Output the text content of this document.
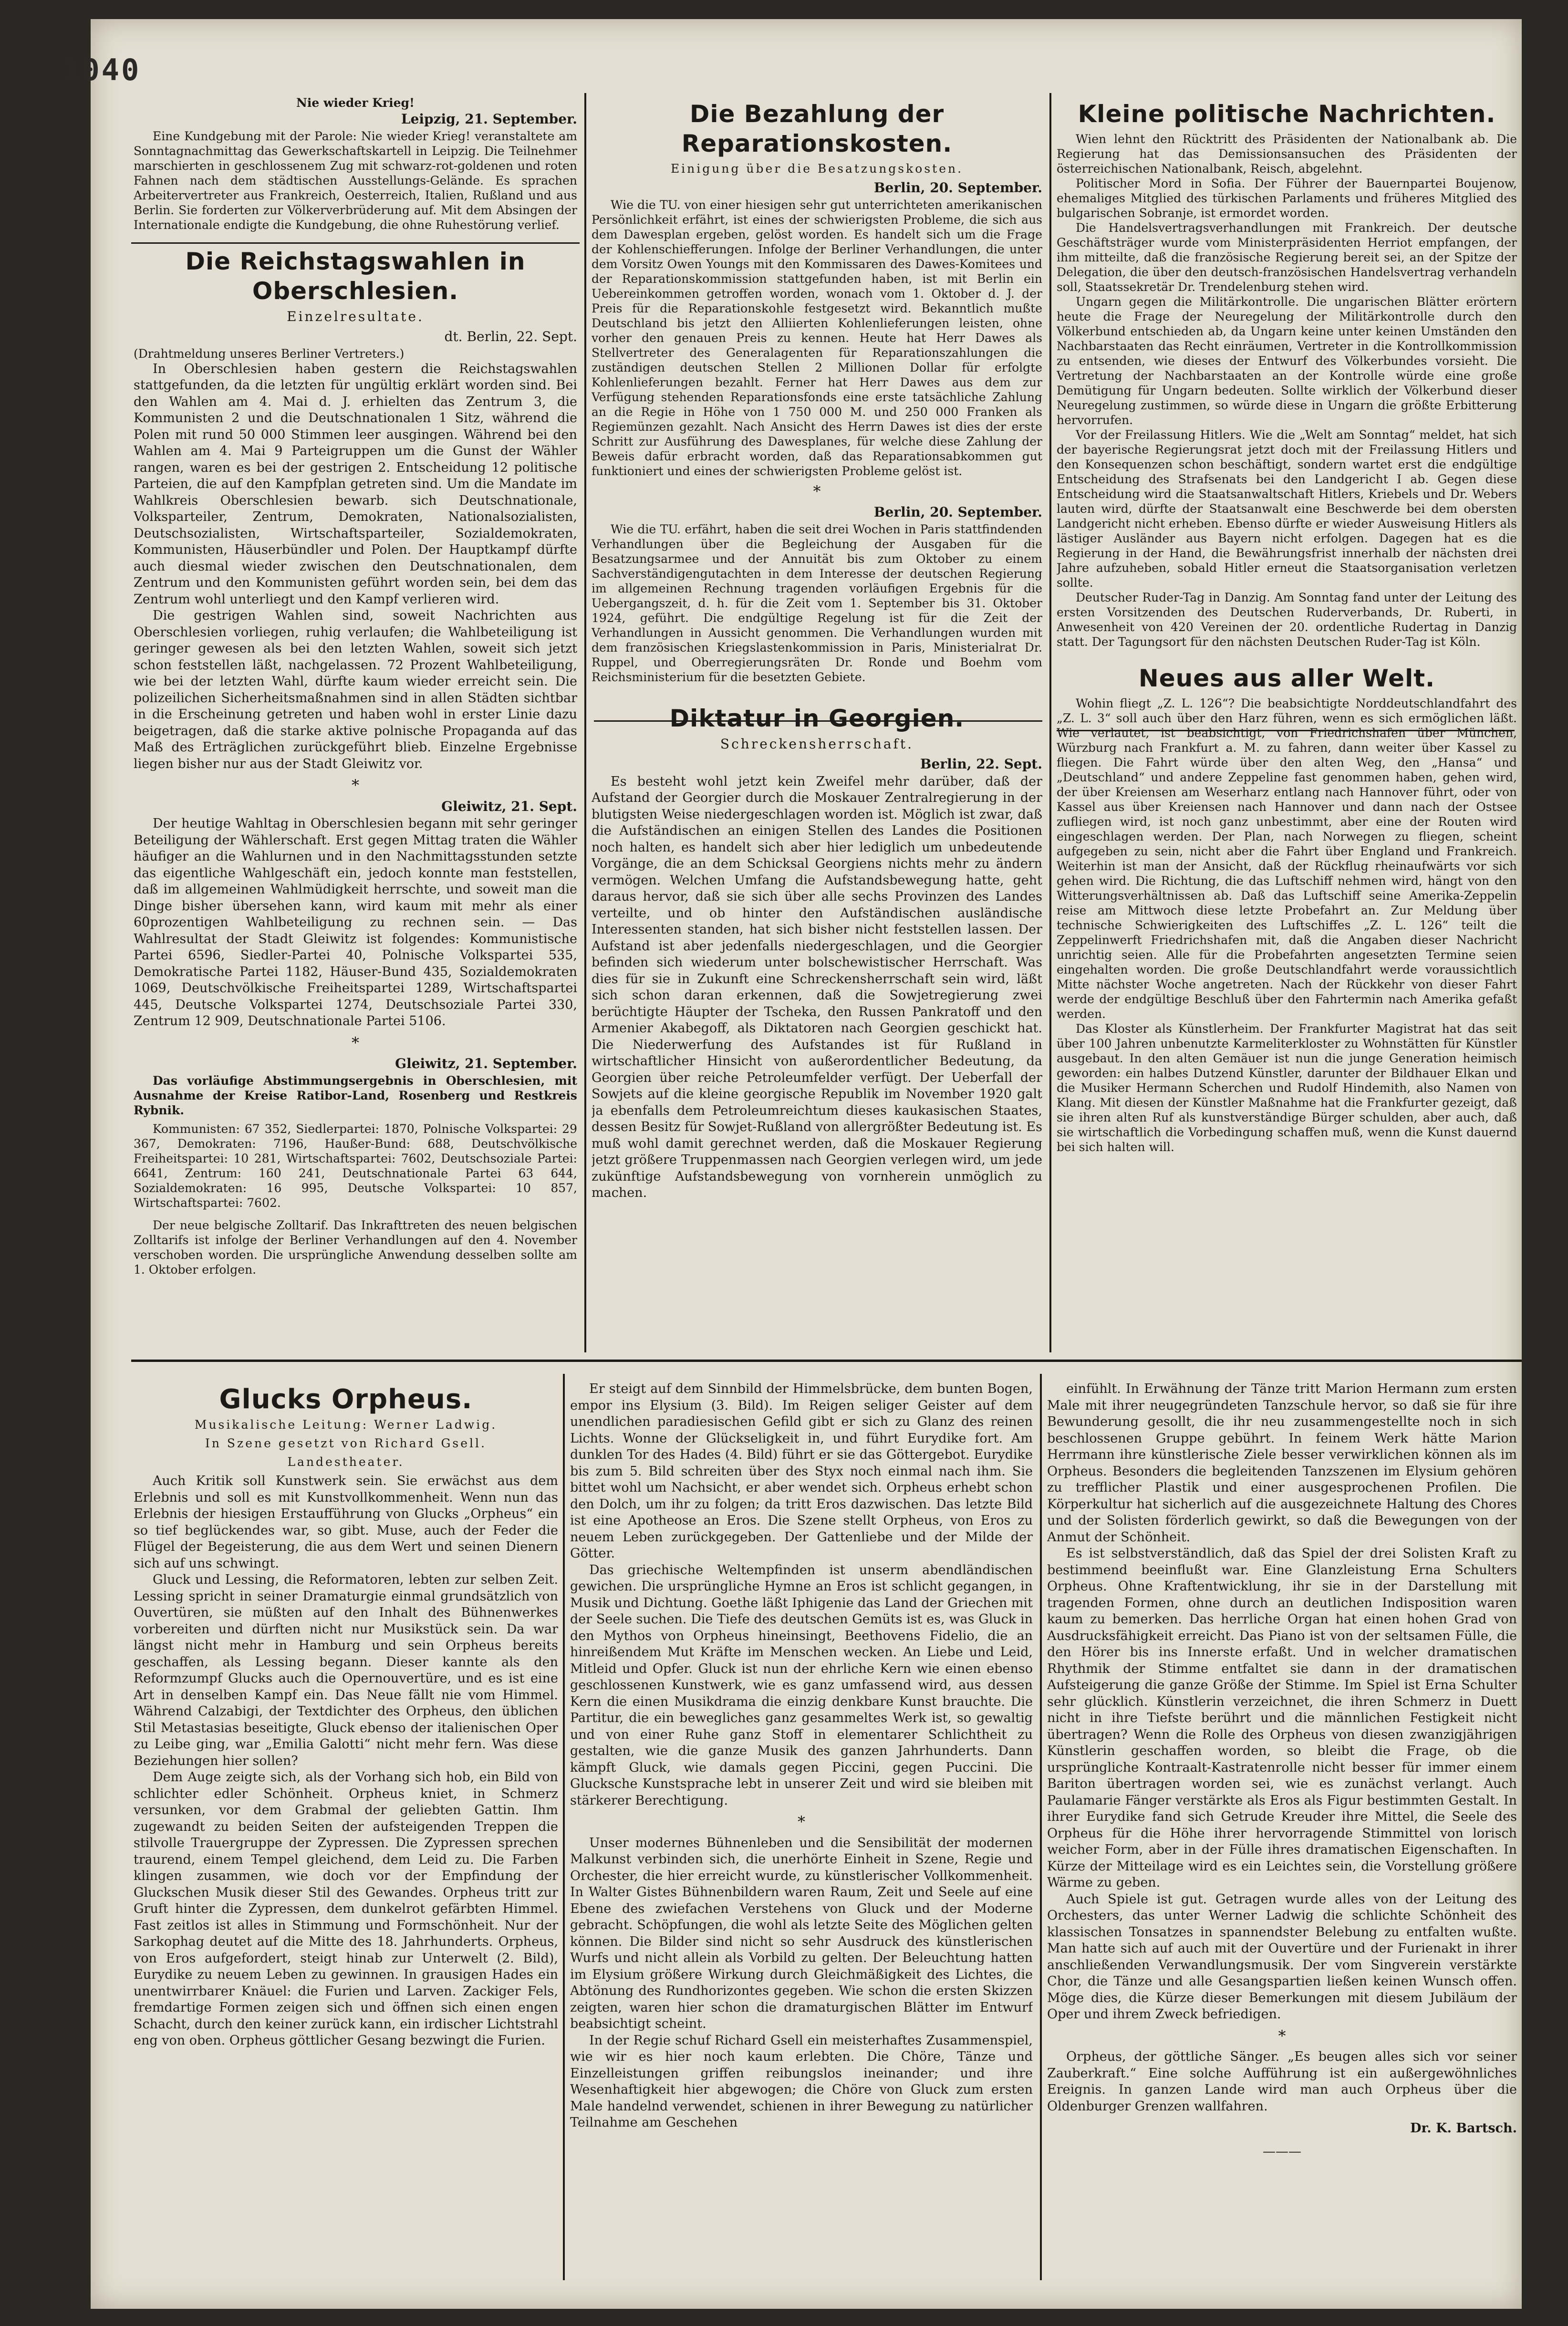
1040
Nie wieder Krieg!
Leipzig, 21. September.

Eine Kundgebung mit der Parole: Nie wieder Krieg! veranstaltete am Sonntagnachmittag das Gewerkschaftskartell in Leipzig. Die Teilnehmer marschierten in geschlossenem Zug mit schwarz-rot-goldenen und roten Fahnen nach dem städtischen Ausstellungs-Gelände. Es sprachen Arbeitervertreter aus Frankreich, Oesterreich, Italien, Rußland und aus Berlin. Sie forderten zur Völkerverbrüderung auf. Mit dem Absingen der Internationale endigte die Kundgebung, die ohne Ruhestörung verlief.

Die Reichstagswahlen in Oberschlesien.
Einzelresultate.
dt. Berlin, 22. Sept.
(Drahtmeldung unseres Berliner Vertreters.)

In Oberschlesien haben gestern die Reichstagswahlen stattgefunden, da die letzten für ungültig erklärt worden sind. Bei den Wahlen am 4. Mai d. J. erhielten das Zentrum 3, die Kommunisten 2 und die Deutschnationalen 1 Sitz, während die Polen mit rund 50 000 Stimmen leer ausgingen. Während bei den Wahlen am 4. Mai 9 Parteigruppen um die Gunst der Wähler rangen, waren es bei der gestrigen 2. Entscheidung 12 politische Parteien, die auf den Kampfplan getreten sind. Um die Mandate im Wahlkreis Oberschlesien bewarb. sich Deutschnationale, Volksparteiler, Zentrum, Demokraten, Nationalsozialisten, Deutschsozialisten, Wirtschaftsparteiler, Sozialdemokraten, Kommunisten, Häuserbündler und Polen. Der Hauptkampf dürfte auch diesmal wieder zwischen den Deutschnationalen, dem Zentrum und den Kommunisten geführt worden sein, bei dem das Zentrum wohl unterliegt und den Kampf verlieren wird.

Die gestrigen Wahlen sind, soweit Nachrichten aus Oberschlesien vorliegen, ruhig verlaufen; die Wahlbeteiligung ist geringer gewesen als bei den letzten Wahlen, soweit sich jetzt schon feststellen läßt, nachgelassen. 72 Prozent Wahlbeteiligung, wie bei der letzten Wahl, dürfte kaum wieder erreicht sein. Die polizeilichen Sicherheitsmaßnahmen sind in allen Städten sichtbar in die Erscheinung getreten und haben wohl in erster Linie dazu beigetragen, daß die starke aktive polnische Propaganda auf das Maß des Erträglichen zurückgeführt blieb. Einzelne Ergebnisse liegen bisher nur aus der Stadt Gleiwitz vor.

*
Gleiwitz, 21. Sept.

Der heutige Wahltag in Oberschlesien begann mit sehr geringer Beteiligung der Wählerschaft. Erst gegen Mittag traten die Wähler häufiger an die Wahlurnen und in den Nachmittagsstunden setzte das eigentliche Wahlgeschäft ein, jedoch konnte man feststellen, daß im allgemeinen Wahlmüdigkeit herrschte, und soweit man die Dinge bisher übersehen kann, wird kaum mit mehr als einer 60prozentigen Wahlbeteiligung zu rechnen sein. — Das Wahlresultat der Stadt Gleiwitz ist folgendes: Kommunistische Partei 6596, Siedler-Partei 40, Polnische Volkspartei 535, Demokratische Partei 1182, Häuser-Bund 435, Sozialdemokraten 1069, Deutschvölkische Freiheitspartei 1289, Wirtschaftspartei 445, Deutsche Volkspartei 1274, Deutschsoziale Partei 330, Zentrum 12 909, Deutschnationale Partei 5106.

*
Gleiwitz, 21. September.

Das vorläufige Abstimmungsergebnis in Oberschlesien, mit Ausnahme der Kreise Ratibor-Land, Rosenberg und Restkreis Rybnik.

Kommunisten: 67 352, Siedlerpartei: 1870, Polnische Volkspartei: 29 367, Demokraten: 7196, Haußer-Bund: 688, Deutschvölkische Freiheitspartei: 10 281, Wirtschaftspartei: 7602, Deutschsoziale Partei: 6641, Zentrum: 160 241, Deutschnationale Partei 63 644, Sozialdemokraten: 16 995, Deutsche Volkspartei: 10 857, Wirtschaftspartei: 7602.

Der neue belgische Zolltarif. Das Inkrafttreten des neuen belgischen Zolltarifs ist infolge der Berliner Verhandlungen auf den 4. November verschoben worden. Die ursprüngliche Anwendung desselben sollte am 1. Oktober erfolgen.

Die Bezahlung der Reparationskosten.
Einigung über die Besatzungskosten.
Berlin, 20. September.

Wie die TU. von einer hiesigen sehr gut unterrichteten amerikanischen Persönlichkeit erfährt, ist eines der schwierigsten Probleme, die sich aus dem Dawesplan ergeben, gelöst worden. Es handelt sich um die Frage der Kohlenschiefferungen. Infolge der Berliner Verhandlungen, die unter dem Vorsitz Owen Youngs mit den Kommissaren des Dawes-Komitees und der Reparationskommission stattgefunden haben, ist mit Berlin ein Uebereinkommen getroffen worden, wonach vom 1. Oktober d. J. der Preis für die Reparationskohle festgesetzt wird. Bekanntlich mußte Deutschland bis jetzt den Alliierten Kohlenlieferungen leisten, ohne vorher den genauen Preis zu kennen. Heute hat Herr Dawes als Stellvertreter des Generalagenten für Reparationszahlungen die zuständigen deutschen Stellen 2 Millionen Dollar für erfolgte Kohlenlieferungen bezahlt. Ferner hat Herr Dawes aus dem zur Verfügung stehenden Reparationsfonds eine erste tatsächliche Zahlung an die Regie in Höhe von 1 750 000 M. und 250 000 Franken als Regiemünzen gezahlt. Nach Ansicht des Herrn Dawes ist dies der erste Schritt zur Ausführung des Dawesplanes, für welche diese Zahlung der Beweis dafür erbracht worden, daß das Reparationsabkommen gut funktioniert und eines der schwierigsten Probleme gelöst ist.

*
Berlin, 20. September.

Wie die TU. erfährt, haben die seit drei Wochen in Paris stattfindenden Verhandlungen über die Begleichung der Ausgaben für die Besatzungsarmee und der Annuität bis zum Oktober zu einem Sachverständigengutachten in dem Interesse der deutschen Regierung im allgemeinen Rechnung tragenden vorläufigen Ergebnis für die Uebergangszeit, d. h. für die Zeit vom 1. September bis 31. Oktober 1924, geführt. Die endgültige Regelung ist für die Zeit der Verhandlungen in Aussicht genommen. Die Verhandlungen wurden mit dem französischen Kriegslastenkommission in Paris, Ministerialrat Dr. Ruppel, und Oberregierungsräten Dr. Ronde und Boehm vom Reichsministerium für die besetzten Gebiete.

Diktatur in Georgien.
Schreckensherrschaft.
Berlin, 22. Sept.

Es besteht wohl jetzt kein Zweifel mehr darüber, daß der Aufstand der Georgier durch die Moskauer Zentralregierung in der blutigsten Weise niedergeschlagen worden ist. Möglich ist zwar, daß die Aufständischen an einigen Stellen des Landes die Positionen noch halten, es handelt sich aber hier lediglich um unbedeutende Vorgänge, die an dem Schicksal Georgiens nichts mehr zu ändern vermögen. Welchen Umfang die Aufstandsbewegung hatte, geht daraus hervor, daß sie sich über alle sechs Provinzen des Landes verteilte, und ob hinter den Aufständischen ausländische Interessenten standen, hat sich bisher nicht feststellen lassen. Der Aufstand ist aber jedenfalls niedergeschlagen, und die Georgier befinden sich wiederum unter bolschewistischer Herrschaft. Was dies für sie in Zukunft eine Schreckensherrschaft sein wird, läßt sich schon daran erkennen, daß die Sowjetregierung zwei berüchtigte Häupter der Tscheka, den Russen Pankratoff und den Armenier Akabegoff, als Diktatoren nach Georgien geschickt hat. Die Niederwerfung des Aufstandes ist für Rußland in wirtschaftlicher Hinsicht von außerordentlicher Bedeutung, da Georgien über reiche Petroleumfelder verfügt. Der Ueberfall der Sowjets auf die kleine georgische Republik im November 1920 galt ja ebenfalls dem Petroleumreichtum dieses kaukasischen Staates, dessen Besitz für Sowjet-Rußland von allergrößter Bedeutung ist. Es muß wohl damit gerechnet werden, daß die Moskauer Regierung jetzt größere Truppenmassen nach Georgien verlegen wird, um jede zukünftige Aufstandsbewegung von vornherein unmöglich zu machen.

Kleine politische Nachrichten.

Wien lehnt den Rücktritt des Präsidenten der Nationalbank ab. Die Regierung hat das Demissionsansuchen des Präsidenten der österreichischen Nationalbank, Reisch, abgelehnt.

Politischer Mord in Sofia. Der Führer der Bauernpartei Boujenow, ehemaliges Mitglied des türkischen Parlaments und früheres Mitglied des bulgarischen Sobranje, ist ermordet worden.

Die Handelsvertragsverhandlungen mit Frankreich. Der deutsche Geschäftsträger wurde vom Ministerpräsidenten Herriot empfangen, der ihm mitteilte, daß die französische Regierung bereit sei, an der Spitze der Delegation, die über den deutsch-französischen Handelsvertrag verhandeln soll, Staatssekretär Dr. Trendelenburg stehen wird.

Ungarn gegen die Militärkontrolle. Die ungarischen Blätter erörtern heute die Frage der Neuregelung der Militärkontrolle durch den Völkerbund entschieden ab, da Ungarn keine unter keinen Umständen den Nachbarstaaten das Recht einräumen, Vertreter in die Kontrollkommission zu entsenden, wie dieses der Entwurf des Völkerbundes vorsieht. Die Vertretung der Nachbarstaaten an der Kontrolle würde eine große Demütigung für Ungarn bedeuten. Sollte wirklich der Völkerbund dieser Neuregelung zustimmen, so würde diese in Ungarn die größte Erbitterung hervorrufen.

Vor der Freilassung Hitlers. Wie die „Welt am Sonntag“ meldet, hat sich der bayerische Regierungsrat jetzt doch mit der Freilassung Hitlers und den Konsequenzen schon beschäftigt, sondern wartet erst die endgültige Entscheidung des Strafsenats bei den Landgericht I ab. Gegen diese Entscheidung wird die Staatsanwaltschaft Hitlers, Kriebels und Dr. Webers lauten wird, dürfte der Staatsanwalt eine Beschwerde bei dem obersten Landgericht nicht erheben. Ebenso dürfte er wieder Ausweisung Hitlers als lästiger Ausländer aus Bayern nicht erfolgen. Dagegen hat es die Regierung in der Hand, die Bewährungsfrist innerhalb der nächsten drei Jahre aufzuheben, sobald Hitler erneut die Staatsorganisation verletzen sollte.

Deutscher Ruder-Tag in Danzig. Am Sonntag fand unter der Leitung des ersten Vorsitzenden des Deutschen Ruderverbands, Dr. Ruberti, in Anwesenheit von 420 Vereinen der 20. ordentliche Rudertag in Danzig statt. Der Tagungsort für den nächsten Deutschen Ruder-Tag ist Köln.

Neues aus aller Welt.

Wohin fliegt „Z. L. 126“? Die beabsichtigte Norddeutschlandfahrt des „Z. L. 3“ soll auch über den Harz führen, wenn es sich ermöglichen läßt. Wie verlautet, ist beabsichtigt, von Friedrichshafen über München, Würzburg nach Frankfurt a. M. zu fahren, dann weiter über Kassel zu fliegen. Die Fahrt würde über den alten Weg, den „Hansa“ und „Deutschland“ und andere Zeppeline fast genommen haben, gehen wird, der über Kreiensen am Weserharz entlang nach Hannover führt, oder von Kassel aus über Kreiensen nach Hannover und dann nach der Ostsee zufliegen wird, ist noch ganz unbestimmt, aber eine der Routen wird eingeschlagen werden. Der Plan, nach Norwegen zu fliegen, scheint aufgegeben zu sein, nicht aber die Fahrt über England und Frankreich. Weiterhin ist man der Ansicht, daß der Rückflug rheinaufwärts vor sich gehen wird. Die Richtung, die das Luftschiff nehmen wird, hängt von den Witterungsverhältnissen ab. Daß das Luftschiff seine Amerika-Zeppelin reise am Mittwoch diese letzte Probefahrt an. Zur Meldung über technische Schwierigkeiten des Luftschiffes „Z. L. 126“ teilt die Zeppelinwerft Friedrichshafen mit, daß die Angaben dieser Nachricht unrichtig seien. Alle für die Probefahrten angesetzten Termine seien eingehalten worden. Die große Deutschlandfahrt werde voraussichtlich Mitte nächster Woche angetreten. Nach der Rückkehr von dieser Fahrt werde der endgültige Beschluß über den Fahrtermin nach Amerika gefaßt werden.

Das Kloster als Künstlerheim. Der Frankfurter Magistrat hat das seit über 100 Jahren unbenutzte Karmeliterkloster zu Wohnstätten für Künstler ausgebaut. In den alten Gemäuer ist nun die junge Generation heimisch geworden: ein halbes Dutzend Künstler, darunter der Bildhauer Elkan und die Musiker Hermann Scherchen und Rudolf Hindemith, also Namen von Klang. Mit diesen der Künstler Maßnahme hat die Frankfurter gezeigt, daß sie ihren alten Ruf als kunstverständige Bürger schulden, aber auch, daß sie wirtschaftlich die Vorbedingung schaffen muß, wenn die Kunst dauernd bei sich halten will.

Glucks Orpheus.
Musikalische Leitung: Werner Ladwig.
In Szene gesetzt von Richard Gsell.
Landestheater.

Auch Kritik soll Kunstwerk sein. Sie erwächst aus dem Erlebnis und soll es mit Kunstvollkommenheit. Wenn nun das Erlebnis der hiesigen Erstaufführung von Glucks „Orpheus“ ein so tief beglückendes war, so gibt. Muse, auch der Feder die Flügel der Begeisterung, die aus dem Wert und seinen Dienern sich auf uns schwingt.

Gluck und Lessing, die Reformatoren, lebten zur selben Zeit. Lessing spricht in seiner Dramaturgie einmal grundsätzlich von Ouvertüren, sie müßten auf den Inhalt des Bühnenwerkes vorbereiten und dürften nicht nur Musikstück sein. Da war längst nicht mehr in Hamburg und sein Orpheus bereits geschaffen, als Lessing begann. Dieser kannte als den Reformzumpf Glucks auch die Opernouvertüre, und es ist eine Art in denselben Kampf ein. Das Neue fällt nie vom Himmel. Während Calzabigi, der Textdichter des Orpheus, den üblichen Stil Metastasias beseitigte, Gluck ebenso der italienischen Oper zu Leibe ging, war „Emilia Galotti“ nicht mehr fern. Was diese Beziehungen hier sollen?

Dem Auge zeigte sich, als der Vorhang sich hob, ein Bild von schlichter edler Schönheit. Orpheus kniet, in Schmerz versunken, vor dem Grabmal der geliebten Gattin. Ihm zugewandt zu beiden Seiten der aufsteigenden Treppen die stilvolle Trauergruppe der Zypressen. Die Zypressen sprechen traurend, einem Tempel gleichend, dem Leid zu. Die Farben klingen zusammen, wie doch vor der Empfindung der Gluckschen Musik dieser Stil des Gewandes. Orpheus tritt zur Gruft hinter die Zypressen, dem dunkelrot gefärbten Himmel. Fast zeitlos ist alles in Stimmung und Formschönheit. Nur der Sarkophag deutet auf die Mitte des 18. Jahrhunderts. Orpheus, von Eros aufgefordert, steigt hinab zur Unterwelt (2. Bild), Eurydike zu neuem Leben zu gewinnen. In grausigen Hades ein unentwirrbarer Knäuel: die Furien und Larven. Zackiger Fels, fremdartige Formen zeigen sich und öffnen sich einen engen Schacht, durch den keiner zurück kann, ein irdischer Lichtstrahl eng von oben. Orpheus göttlicher Gesang bezwingt die Furien.

Er steigt auf dem Sinnbild der Himmelsbrücke, dem bunten Bogen, empor ins Elysium (3. Bild). Im Reigen seliger Geister auf dem unendlichen paradiesischen Gefild gibt er sich zu Glanz des reinen Lichts. Wonne der Glückseligkeit in, und führt Eurydike fort. Am dunklen Tor des Hades (4. Bild) führt er sie das Göttergebot. Eurydike bis zum 5. Bild schreiten über des Styx noch einmal nach ihm. Sie bittet wohl um Nachsicht, er aber wendet sich. Orpheus erhebt schon den Dolch, um ihr zu folgen; da tritt Eros dazwischen. Das letzte Bild ist eine Apotheose an Eros. Die Szene stellt Orpheus, von Eros zu neuem Leben zurückgegeben. Der Gattenliebe und der Milde der Götter.

Das griechische Weltempfinden ist unserm abendländischen gewichen. Die ursprüngliche Hymne an Eros ist schlicht gegangen, in Musik und Dichtung. Goethe läßt Iphigenie das Land der Griechen mit der Seele suchen. Die Tiefe des deutschen Gemüts ist es, was Gluck in den Mythos von Orpheus hineinsingt, Beethovens Fidelio, die an hinreißendem Mut Kräfte im Menschen wecken. An Liebe und Leid, Mitleid und Opfer. Gluck ist nun der ehrliche Kern wie einen ebenso geschlossenen Kunstwerk, wie es ganz umfassend wird, aus dessen Kern die einen Musikdrama die einzig denkbare Kunst brauchte. Die Partitur, die ein bewegliches ganz gesammeltes Werk ist, so gewaltig und von einer Ruhe ganz Stoff in elementarer Schlichtheit zu gestalten, wie die ganze Musik des ganzen Jahrhunderts. Dann kämpft Gluck, wie damals gegen Piccini, gegen Puccini. Die Glucksche Kunstsprache lebt in unserer Zeit und wird sie bleiben mit stärkerer Berechtigung.

*

Unser modernes Bühnenleben und die Sensibilität der modernen Malkunst verbinden sich, die unerhörte Einheit in Szene, Regie und Orchester, die hier erreicht wurde, zu künstlerischer Vollkommenheit. In Walter Gistes Bühnenbildern waren Raum, Zeit und Seele auf eine Ebene des zwiefachen Verstehens von Gluck und der Moderne gebracht. Schöpfungen, die wohl als letzte Seite des Möglichen gelten können. Die Bilder sind nicht so sehr Ausdruck des künstlerischen Wurfs und nicht allein als Vorbild zu gelten. Der Beleuchtung hatten im Elysium größere Wirkung durch Gleichmäßigkeit des Lichtes, die Abtönung des Rundhorizontes gegeben. Wie schon die ersten Skizzen zeigten, waren hier schon die dramaturgischen Blätter im Entwurf beabsichtigt scheint.

In der Regie schuf Richard Gsell ein meisterhaftes Zusammenspiel, wie wir es hier noch kaum erlebten. Die Chöre, Tänze und Einzelleistungen griffen reibungslos ineinander; und ihre Wesenhaftigkeit hier abgewogen; die Chöre von Gluck zum ersten Male handelnd verwendet, schienen in ihrer Bewegung zu natürlicher Teilnahme am Geschehen

einfühlt. In Erwähnung der Tänze tritt Marion Hermann zum ersten Male mit ihrer neugegründeten Tanzschule hervor, so daß sie für ihre Bewunderung gesollt, die ihr neu zusammengestellte noch in sich beschlossenen Gruppe gebührt. In feinem Werk hätte Marion Herrmann ihre künstlerische Ziele besser verwirklichen können als im Orpheus. Besonders die begleitenden Tanzszenen im Elysium gehören zu trefflicher Plastik und einer ausgesprochenen Profilen. Die Körperkultur hat sicherlich auf die ausgezeichnete Haltung des Chores und der Solisten förderlich gewirkt, so daß die Bewegungen von der Anmut der Schönheit.

Es ist selbstverständlich, daß das Spiel der drei Solisten Kraft zu bestimmend beeinflußt war. Eine Glanzleistung Erna Schulters Orpheus. Ohne Kraftentwicklung, ihr sie in der Darstellung mit tragenden Formen, ohne durch an deutlichen Indisposition waren kaum zu bemerken. Das herrliche Organ hat einen hohen Grad von Ausdrucksfähigkeit erreicht. Das Piano ist von der seltsamen Fülle, die den Hörer bis ins Innerste erfaßt. Und in welcher dramatischen Rhythmik der Stimme entfaltet sie dann in der dramatischen Aufsteigerung die ganze Größe der Stimme. Im Spiel ist Erna Schulter sehr glücklich. Künstlerin verzeichnet, die ihren Schmerz in Duett nicht in ihre Tiefste berührt und die männlichen Festigkeit nicht übertragen? Wenn die Rolle des Orpheus von diesen zwanzigjährigen Künstlerin geschaffen worden, so bleibt die Frage, ob die ursprüngliche Kontraalt-Kastratenrolle nicht besser für immer einem Bariton übertragen worden sei, wie es zunächst verlangt. Auch Paulamarie Fänger verstärkte als Eros als Figur bestimmten Gestalt. In ihrer Eurydike fand sich Getrude Kreuder ihre Mittel, die Seele des Orpheus für die Höhe ihrer hervorragende Stimmittel von lorisch weicher Form, aber in der Fülle ihres dramatischen Eigenschaften. In Kürze der Mitteilage wird es ein Leichtes sein, die Vorstellung größere Wärme zu geben.

Auch Spiele ist gut. Getragen wurde alles von der Leitung des Orchesters, das unter Werner Ladwig die schlichte Schönheit des klassischen Tonsatzes in spannendster Belebung zu entfalten wußte. Man hatte sich auf auch mit der Ouvertüre und der Furienakt in ihrer anschließenden Verwandlungsmusik. Der vom Singverein verstärkte Chor, die Tänze und alle Gesangspartien ließen keinen Wunsch offen. Möge dies, die Kürze dieser Bemerkungen mit diesem Jubiläum der Oper und ihrem Zweck befriedigen.

*

Orpheus, der göttliche Sänger. „Es beugen alles sich vor seiner Zauberkraft.“ Eine solche Aufführung ist ein außergewöhnliches Ereignis. In ganzen Lande wird man auch Orpheus über die Oldenburger Grenzen wallfahren.

Dr. K. Bartsch.
———
